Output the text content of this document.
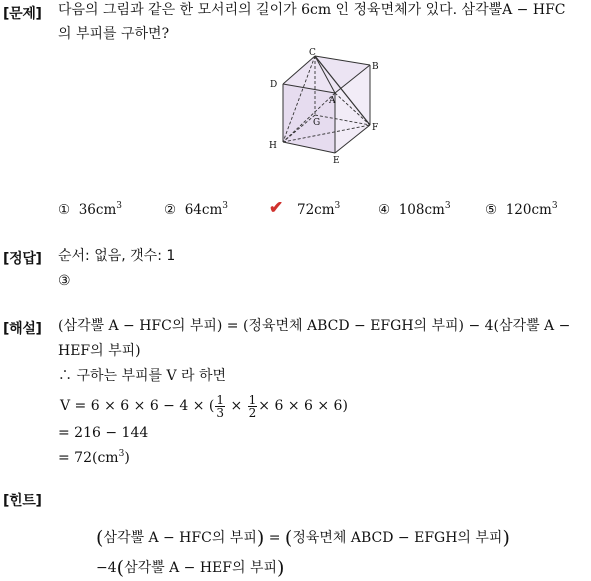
[문제] 다음의 그림과 같은 한 모서리의 길이가 6cm 인 정육면체가 있다. 삼각뿔A − HFC
의 부피를 구하면?
C
B
D
A
G	F
H
E
① $36cm^3$	② $64cm^3$ ✔ $72cm^3$	④ $108cm^3$	⑤ $120cm^3$
[정답] 순서: 없음, 갯수: 1
③
[해설] (삼각뿔 A − HFC의 부피) = (정육면체 ABCD − EFGH의 부피) − 4(삼각뿔 A −
HEF의 부피)
∴ 구하는 부피를 V 라 하면
V = 6 × 6 × 6 − 4 × ( $\frac{1}{3} \times \frac{1}{2} \times 6 \times 6 \times 6$)
= 216 − 144
= $72(cm^3)$
[힌트]
(삼각뿔 A − HFC의 부피) = (정육면체 ABCD − EFGH의 부피)
−4(삼각뿔 A − HEF의 부피)
